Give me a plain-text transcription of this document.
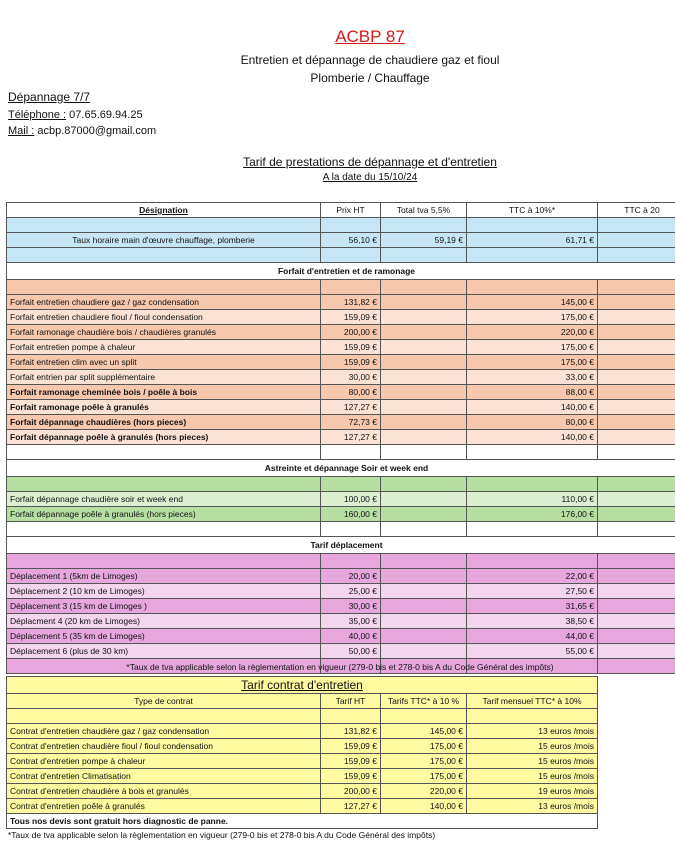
ACBP 87
Entretien et dépannage de chaudiere gaz et fioul
Plomberie / Chauffage
Dépannage 7/7
Téléphone : 07.65.69.94.25
Mail : acbp.87000@gmail.com
Tarif de prestations de dépannage et d'entretien
A la date du 15/10/24
Désignation	Prix HT	Total tva 5,5%	TTC à 10%*	TTC à 20

Taux horaire main d'œuvre chauffage, plomberie	56,10 €	59,19 €	61,71 €	

Forfait d'entretien et de ramonage				

Forfait entretien chaudiere gaz / gaz condensation	131,82 €		145,00 €	
Forfait entretien chaudiere fioul / fioul condensation	159,09 €		175,00 €	
Forfait ramonage chaudière bois / chaudières granulés	200,00 €		220,00 €	
Forfait entretien pompe à chaleur	159,09 €		175,00 €	
Forfait entretien clim avec un split	159,09 €		175,00 €	
Forfait entrien par split supplémentaire	30,00 €		33,00 €	
Forfait ramonage cheminée bois / poêle à bois	80,00 €		88,00 €	
Forfait ramonage poêle à granulés	127,27 €		140,00 €	
Forfait dépannage chaudières (hors pieces)	72,73 €		80,00 €	
Forfait dépannage poêle à granulés (hors pieces)	127,27 €		140,00 €	

Astreinte et dépannage Soir et week end				

Forfait dépannage chaudière soir et week end	100,00 €		110,00 €	
Forfait dépannage poêle à granulés (hors pieces)	160,00 €		176,00 €	

Tarif déplacement				

Déplacement 1 (5km de Limoges)	20,00 €		22,00 €	
Déplacement 2 (10 km de Limoges)	25,00 €		27,50 €	
Déplacement 3 (15 km de Limoges )	30,00 €		31,65 €	
Déplacment 4 (20 km de Limoges)	35,00 €		38,50 €	
Déplacement 5 (35 km de Limoges)	40,00 €		44,00 €	
Déplacement 6 (plus de 30 km)	50,00 €		55,00 €	

*Taux de tva applicable selon la règlementation en vigueur (279-0 bis et 278-0 bis A du Code Général des impôts)
Tarif contrat d'entretien			
Type de contrat	Tarif HT	Tarifs TTC* à 10 %	Tarif mensuel TTC* à 10%

Contrat d'entretien chaudière gaz / gaz condensation	131,82 €	145,00 €	13 euros /mois
Contrat d'entretien chaudière fioul / fioul condensation	159,09 €	175,00 €	15 euros /mois
Contrat d'entretien pompe à chaleur	159,09 €	175,00 €	15 euros /mois
Contrat d'entretien Climatisation	159,09 €	175,00 €	15 euros /mois
Contrat d'entretien chaudière à bois et granulés	200,00 €	220,00 €	19 euros /mois
Contrat d'entretien poêle à granulés	127,27 €	140,00 €	13 euros /mois
Tous nos devis sont gratuit hors diagnostic de panne.			
*Taux de tva applicable selon la règlementation en vigueur (279-0 bis et 278-0 bis A du Code Général des impôts)
